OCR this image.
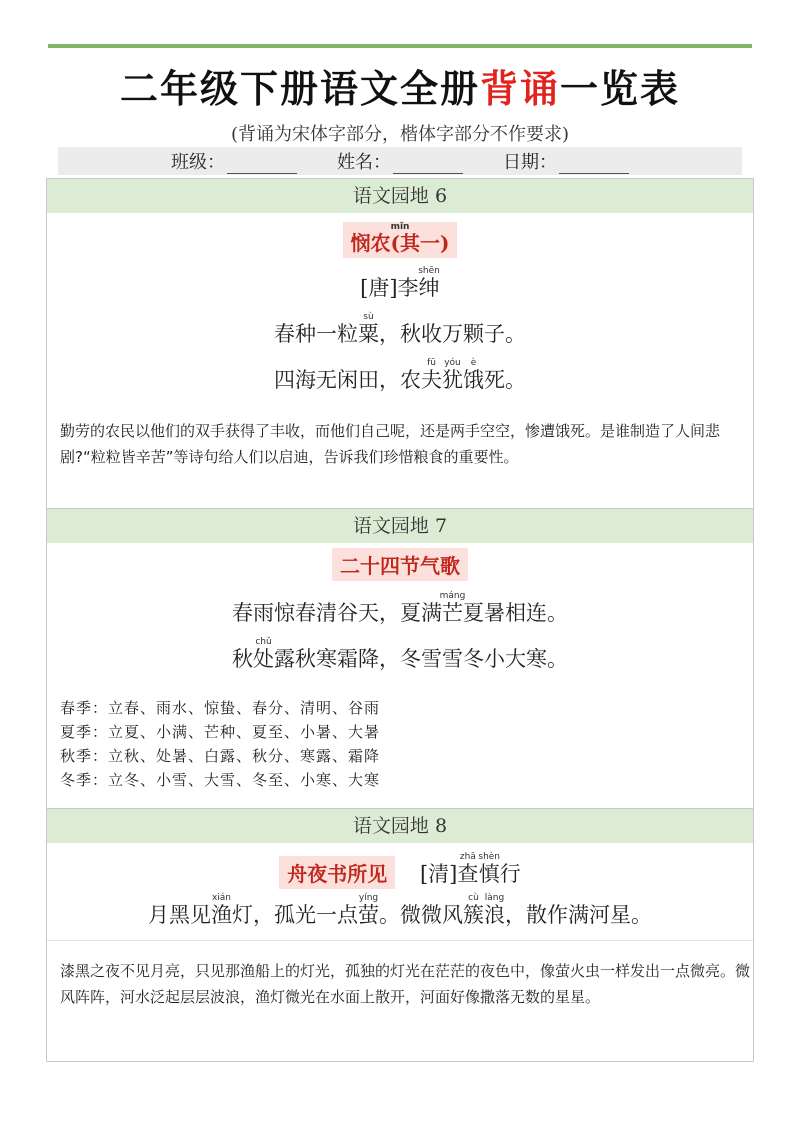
二年级下册语文全册背诵一览表
(背诵为宋体字部分，楷体字部分不作要求)
班级：	姓名：	日期：
语文园地 6
悯农(其一)mǐn
[唐]李绅shēn
春种一粒粟sù，秋收万颗子。
四海无闲田，农夫fū犹yóu饿è死。
勤劳的农民以他们的双手获得了丰收，而他们自己呢，还是两手空空，惨遭饿死。是谁制造了人间悲剧?“粒粒皆辛苦”等诗句给人们以启迪，告诉我们珍惜粮食的重要性。
语文园地 7
二十四节气歌
春雨惊春清谷天，夏满芒máng夏暑相连。
秋处chǔ露秋寒霜降，冬雪雪冬小大寒。
春季：立春、雨水、惊蛰、春分、清明、谷雨
夏季：立夏、小满、芒种、夏至、小暑、大暑
秋季：立秋、处暑、白露、秋分、寒露、霜降
冬季：立冬、小雪、大雪、冬至、小寒、大寒
语文园地 8
舟夜书所见 [清]查zhā慎shèn行
月黑见渔xián灯，孤光一点萤yíng。微微风簇cù浪làng，散作满河星。
漆黑之夜不见月亮，只见那渔船上的灯光，孤独的灯光在茫茫的夜色中，像萤火虫一样发出一点微亮。微风阵阵，河水泛起层层波浪，渔灯微光在水面上散开，河面好像撒落无数的星星。
